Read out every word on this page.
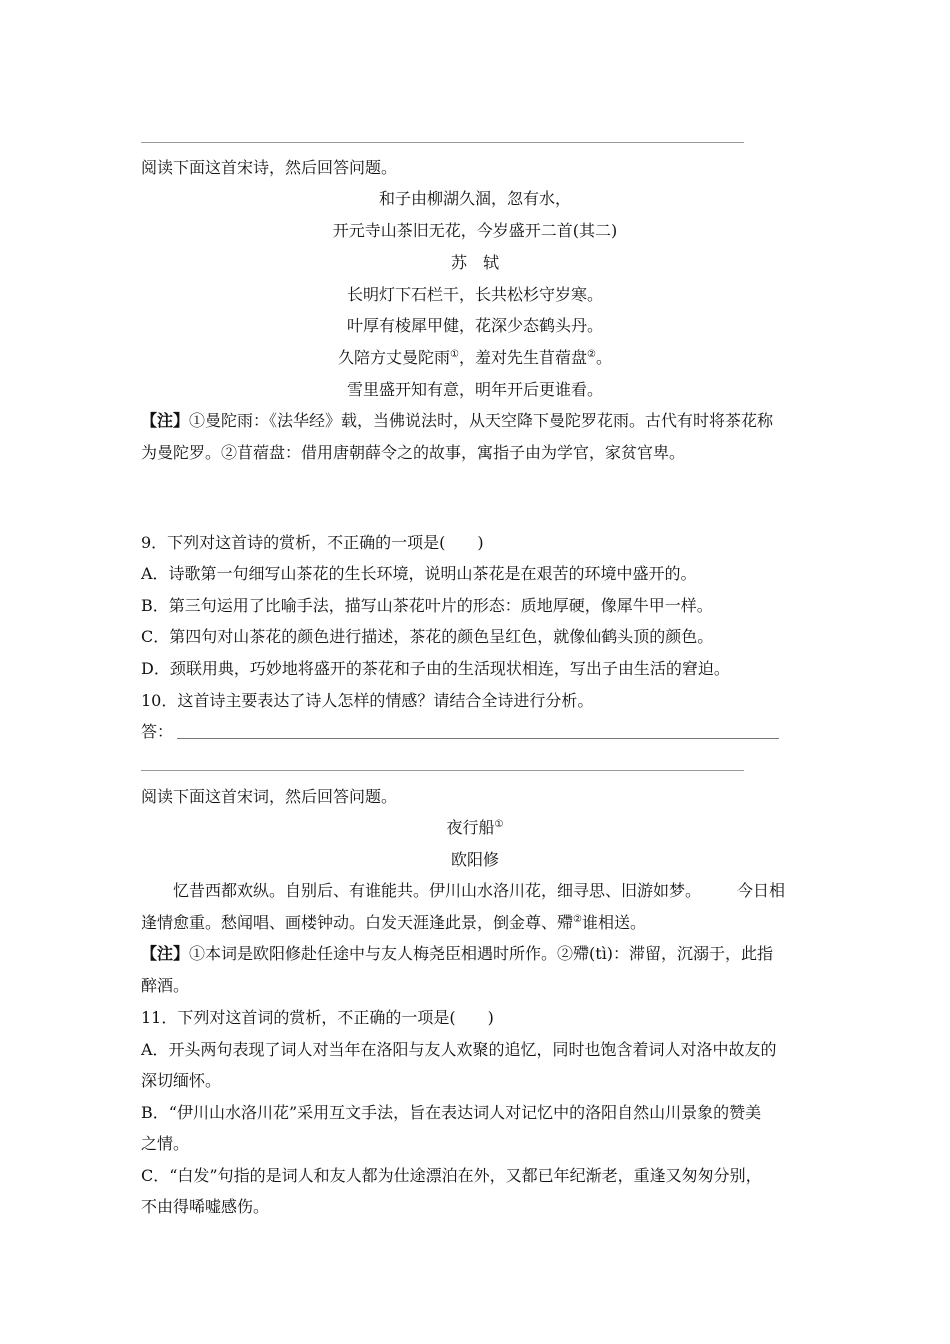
阅读下面这首宋诗，然后回答问题。
和子由柳湖久涸，忽有水，
开元寺山茶旧无花，今岁盛开二首(其二)
苏　轼
长明灯下石栏干，长共松杉守岁寒。
叶厚有棱犀甲健，花深少态鹤头丹。
久陪方丈曼陀雨①，羞对先生苜蓿盘②。
雪里盛开知有意，明年开后更谁看。
【注】①曼陀雨：《法华经》载，当佛说法时，从天空降下曼陀罗花雨。古代有时将茶花称
为曼陀罗。②苜蓿盘：借用唐朝薛令之的故事，寓指子由为学官，家贫官卑。
9．下列对这首诗的赏析，不正确的一项是(　　)
A．诗歌第一句细写山茶花的生长环境，说明山茶花是在艰苦的环境中盛开的。
B．第三句运用了比喻手法，描写山茶花叶片的形态：质地厚硬，像犀牛甲一样。
C．第四句对山茶花的颜色进行描述，茶花的颜色呈红色，就像仙鹤头顶的颜色。
D．颈联用典，巧妙地将盛开的茶花和子由的生活现状相连，写出子由生活的窘迫。
10．这首诗主要表达了诗人怎样的情感？请结合全诗进行分析。
答：
阅读下面这首宋词，然后回答问题。
夜行船①
欧阳修
忆昔西都欢纵。自别后、有谁能共。伊川山水洛川花，细寻思、旧游如梦。 今日相
逢情愈重。愁闻唱、画楼钟动。白发天涯逢此景，倒金尊、殢②谁相送。
【注】①本词是欧阳修赴任途中与友人梅尧臣相遇时所作。②殢(tì)：滞留，沉溺于，此指
醉酒。
11．下列对这首词的赏析，不正确的一项是(　　)
A．开头两句表现了词人对当年在洛阳与友人欢聚的追忆，同时也饱含着词人对洛中故友的
深切缅怀。
B．“伊川山水洛川花”采用互文手法，旨在表达词人对记忆中的洛阳自然山川景象的赞美
之情。
C．“白发”句指的是词人和友人都为仕途漂泊在外，又都已年纪渐老，重逢又匆匆分别，
不由得唏嘘感伤。
